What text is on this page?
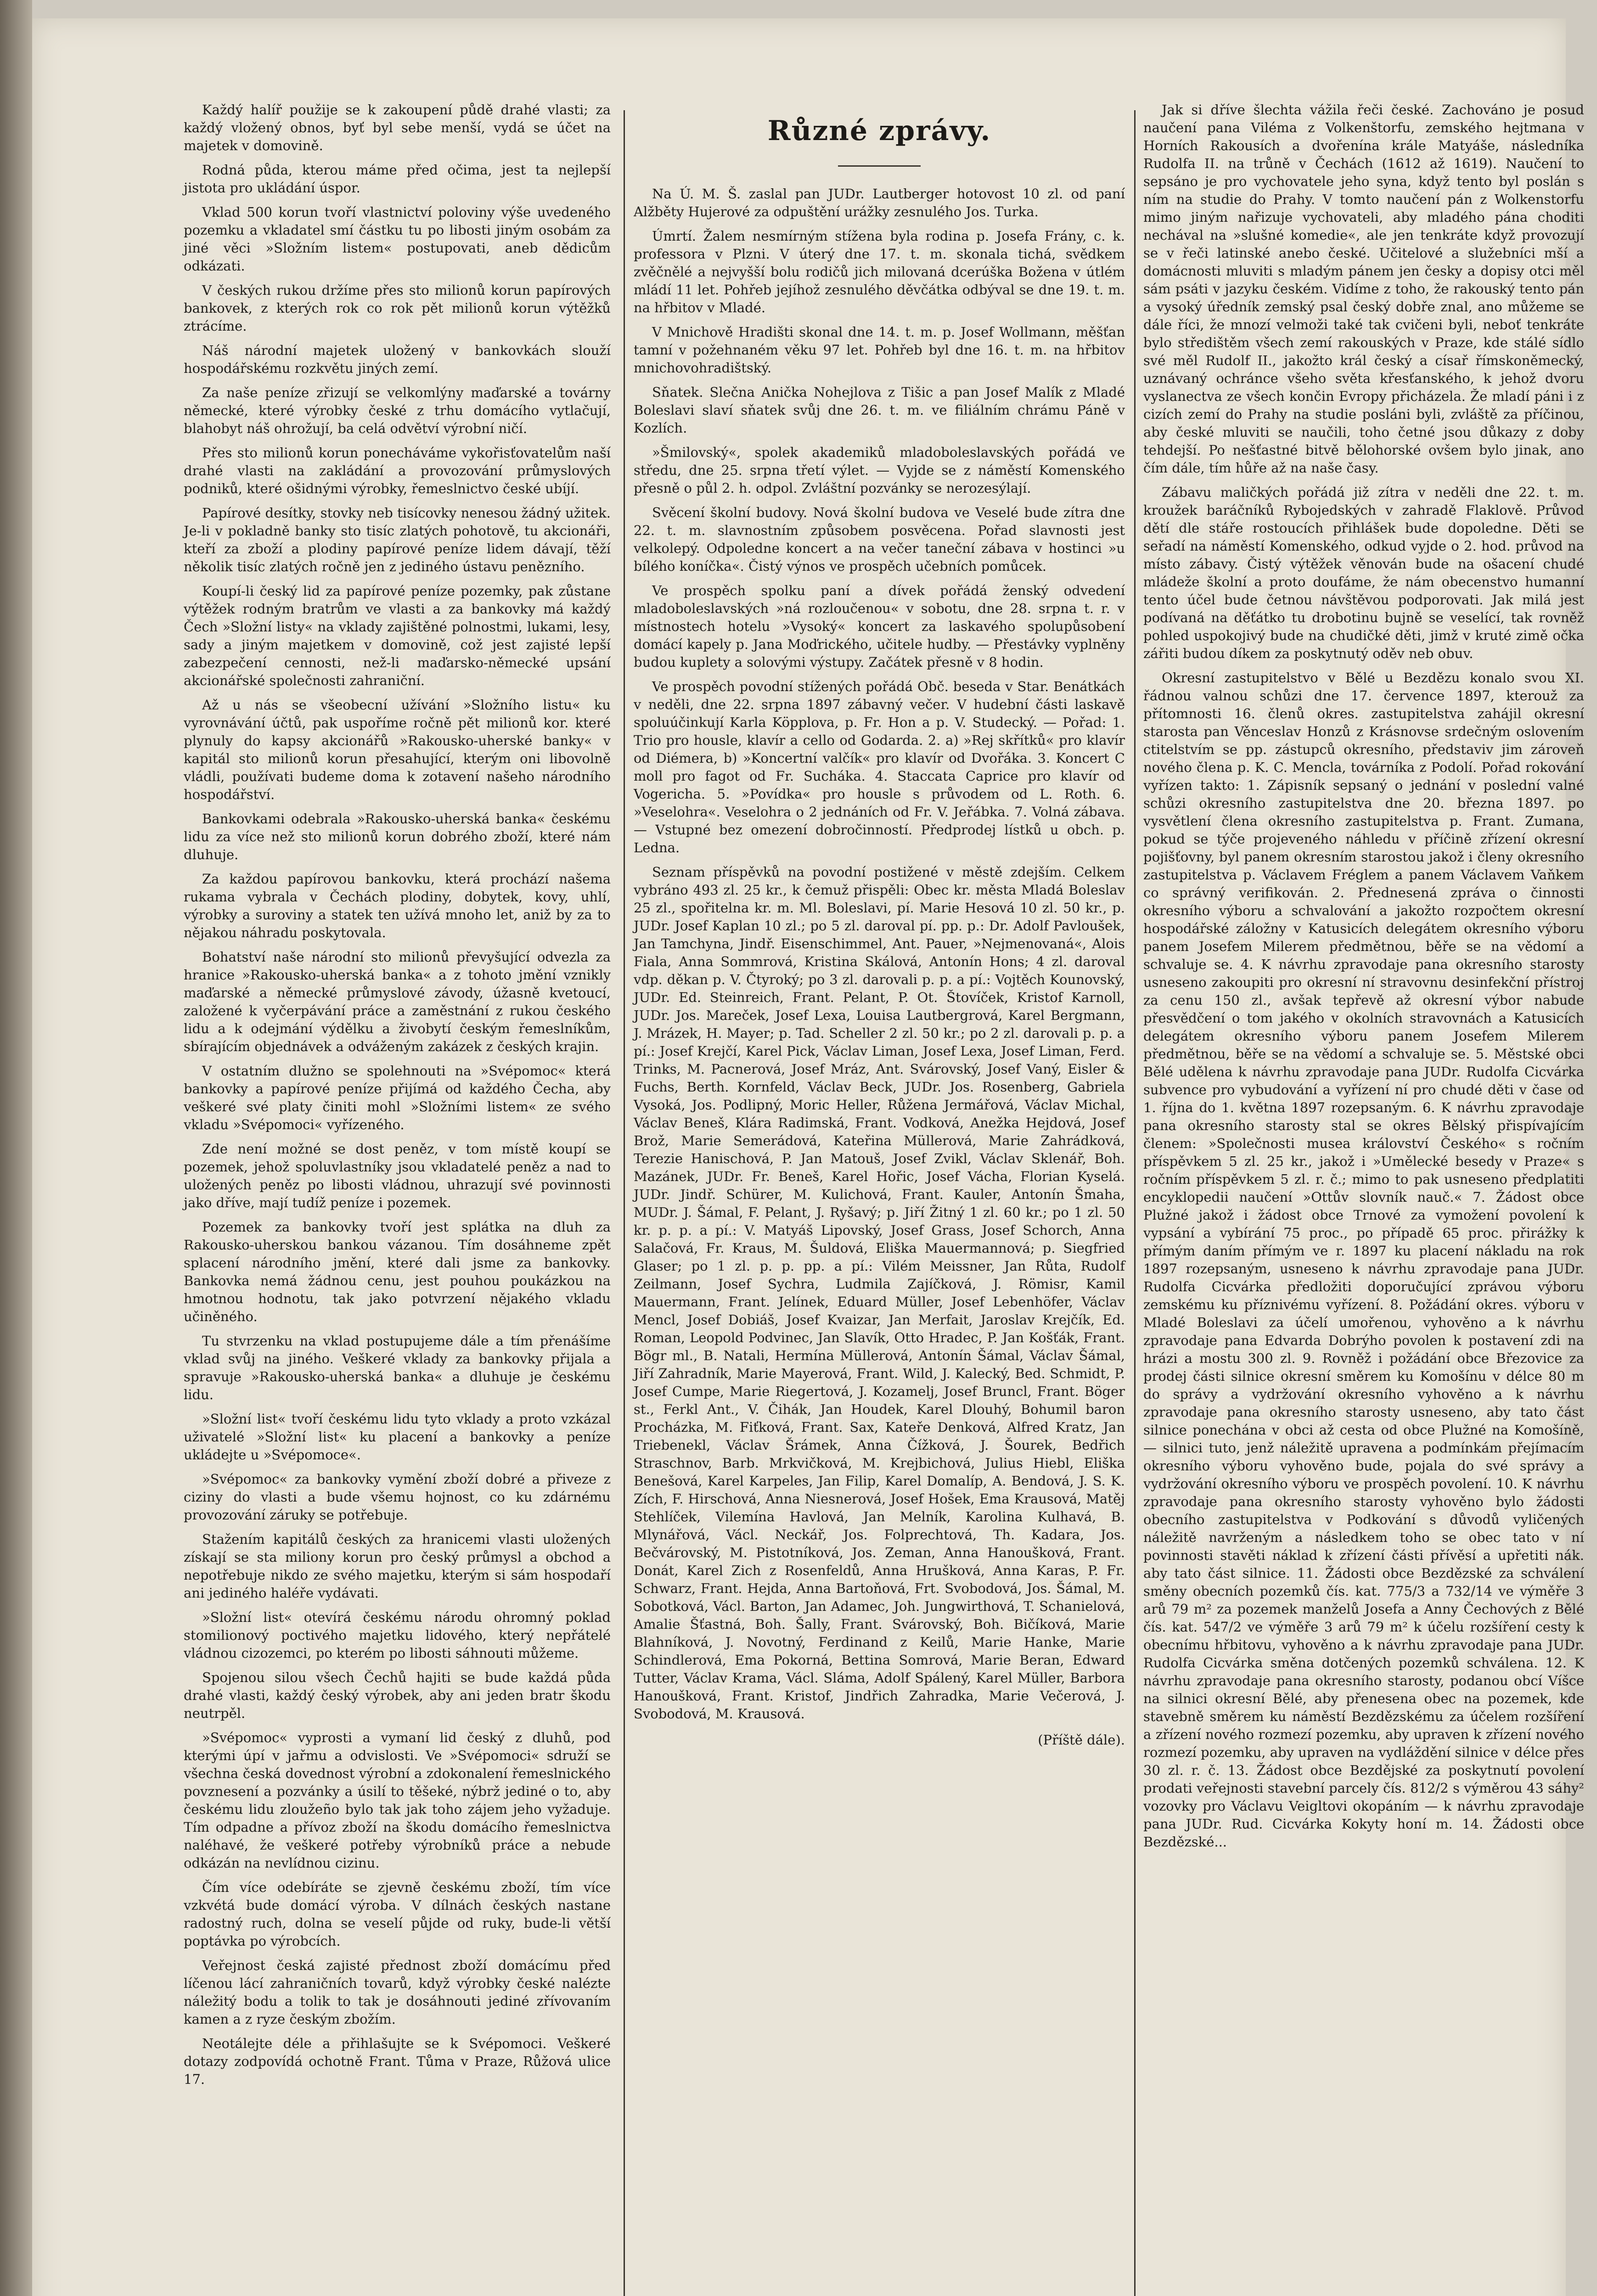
Každý halíř použije se k zakoupení půdě drahé vlasti; za každý vložený obnos, byť byl sebe menší, vydá se účet na majetek v domovině.

Rodná půda, kterou máme před očima, jest ta nejlepší jistota pro ukládání úspor.

Vklad 500 korun tvoří vlastnictví poloviny výše uvedeného pozemku a vkladatel smí částku tu po libosti jiným osobám za jiné věci »Složním listem« postupovati, aneb dědicům odkázati.

V českých rukou držíme přes sto milionů korun papírových bankovek, z kterých rok co rok pět milionů korun výtěžků ztrácíme.

Náš národní majetek uložený v bankovkách slouží hospodářskému rozkvětu jiných zemí.

Za naše peníze zřizují se velkomlýny maďarské a továrny německé, které výrobky české z trhu domácího vytlačují, blahobyt náš ohrožují, ba celá odvětví výrobní ničí.

Přes sto milionů korun ponecháváme vykořisťovatelům naší drahé vlasti na zakládání a provozování průmyslových podniků, které ošidnými výrobky, řemeslnictvo české ubíjí.

Papírové desítky, stovky neb tisícovky nenesou žádný užitek. Je-li v pokladně banky sto tisíc zlatých pohotově, tu akcionáři, kteří za zboží a plodiny papírové peníze lidem dávají, těží několik tisíc zlatých ročně jen z jediného ústavu penězního.

Koupí-li český lid za papírové peníze pozemky, pak zůstane výtěžek rodným bratrům ve vlasti a za bankovky má každý Čech »Složní listy« na vklady zajištěné polnostmi, lukami, lesy, sady a jiným majetkem v domovině, což jest zajisté lepší zabezpečení cennosti, než-li maďarsko-německé upsání akcionářské společnosti zahraniční.

Až u nás se všeobecní užívání »Složního listu« ku vyrovnávání účtů, pak uspoříme ročně pět milionů kor. které plynuly do kapsy akcionářů »Rakousko-uherské banky« v kapitál sto milionů korun přesahující, kterým oni libovolně vládli, používati budeme doma k zotavení našeho národního hospodářství.

Bankovkami odebrala »Rakousko-uherská banka« českému lidu za více než sto milionů korun dobrého zboží, které nám dluhuje.

Za každou papírovou bankovku, která prochází našema rukama vybrala v Čechách plodiny, dobytek, kovy, uhlí, výrobky a suroviny a statek ten užívá mnoho let, aniž by za to nějakou náhradu poskytovala.

Bohatství naše národní sto milionů převyšující odvezla za hranice »Rakousko-uherská banka« a z tohoto jmění vznikly maďarské a německé průmyslové závody, úžasně kvetoucí, založené k vyčerpávání práce a zaměstnání z rukou českého lidu a k odejmání výdělku a živobytí českým řemeslníkům, sbírajícím objednávek a odváženým zakázek z českých krajin.

V ostatním dlužno se spolehnouti na »Svépomoc« která bankovky a papírové peníze přijímá od každého Čecha, aby veškeré své platy činiti mohl »Složními listem« ze svého vkladu »Svépomoci« vyřízeného.

Zde není možné se dost peněz, v tom místě koupí se pozemek, jehož spoluvlastníky jsou vkladatelé peněz a nad to uložených peněz po libosti vládnou, uhrazují své povinnosti jako dříve, mají tudíž peníze i pozemek.

Pozemek za bankovky tvoří jest splátka na dluh za Rakousko-uherskou bankou vázanou. Tím dosáhneme zpět splacení národního jmění, které dali jsme za bankovky. Bankovka nemá žádnou cenu, jest pouhou poukázkou na hmotnou hodnotu, tak jako potvrzení nějakého vkladu učiněného.

Tu stvrzenku na vklad postupujeme dále a tím přenášíme vklad svůj na jiného. Veškeré vklady za bankovky přijala a spravuje »Rakousko-uherská banka« a dluhuje je českému lidu.

»Složní list« tvoří českému lidu tyto vklady a proto vzkázal uživatelé »Složní list« ku placení a bankovky a peníze ukládejte u »Svépomoce«.

»Svépomoc« za bankovky vymění zboží dobré a přiveze z ciziny do vlasti a bude všemu hojnost, co ku zdárnému provozování záruky se potřebuje.

Stažením kapitálů českých za hranicemi vlasti uložených získají se sta miliony korun pro český průmysl a obchod a nepotřebuje nikdo ze svého majetku, kterým si sám hospodaří ani jediného haléře vydávati.

»Složní list« otevírá českému národu ohromný poklad stomilionový poctivého majetku lidového, který nepřátelé vládnou cizozemci, po kterém po libosti sáhnouti můžeme.

Spojenou silou všech Čechů hajiti se bude každá půda drahé vlasti, každý český výrobek, aby ani jeden bratr škodu neutrpěl.

»Svépomoc« vyprosti a vymaní lid český z dluhů, pod kterými úpí v jařmu a odvislosti. Ve »Svépomoci« sdruží se všechna česká dovednost výrobní a zdokonalení řemeslnického povznesení a pozvánky a úsilí to těšeké, nýbrž jediné o to, aby českému lidu zloužeño bylo tak jak toho zájem jeho vyžaduje. Tím odpadne a přívoz zboží na škodu domácího řemeslnictva naléhavé, že veškeré potřeby výrobníků práce a nebude odkázán na nevlídnou cizinu.

Čím více odebíráte se zjevně českému zboží, tím více vzkvétá bude domácí výroba. V dílnách českých nastane radostný ruch, dolna se veselí půjde od ruky, bude-li větší poptávka po výrobcích.

Veřejnost česká zajisté přednost zboží domácímu před líčenou lácí zahraničních tovarů, když výrobky české nalézte náležitý bodu a tolik to tak je dosáhnouti jediné zřívovaním kamen a z ryze českým zbožím.

Neotálejte déle a přihlašujte se k Svépomoci. Veškeré dotazy zodpovídá ochotně Frant. Tůma v Praze, Růžová ulice 17.

Různé zprávy.

Na Ú. M. Š. zaslal pan JUDr. Lautberger hotovost 10 zl. od paní Alžběty Hujerové za odpuštění urážky zesnulého Jos. Turka.

Úmrtí. Žalem nesmírným stížena byla rodina p. Josefa Frány, c. k. professora v Plzni. V úterý dne 17. t. m. skonala tichá, svědkem zvěčnělé a nejvyšší bolu rodičů jich milovaná dcerúška Božena v útlém mládí 11 let. Pohřeb jejíhož zesnulého děvčátka odbýval se dne 19. t. m. na hřbitov v Mladé.

V Mnichově Hradišti skonal dne 14. t. m. p. Josef Wollmann, měšťan tamní v požehnaném věku 97 let. Pohřeb byl dne 16. t. m. na hřbitov mnichovohradištský.

Sňatek. Slečna Anička Nohejlova z Tišic a pan Josef Malík z Mladé Boleslavi slaví sňatek svůj dne 26. t. m. ve filiálním chrámu Páně v Kozlích.

»Šmilovský«, spolek akademiků mladoboleslavských pořádá ve středu, dne 25. srpna třetí výlet. — Vyjde se z náměstí Komenského přesně o půl 2. h. odpol. Zvláštní pozvánky se nerozesýlají.

Svěcení školní budovy. Nová školní budova ve Veselé bude zítra dne 22. t. m. slavnostním způsobem posvěcena. Pořad slavnosti jest velkolepý. Odpoledne koncert a na večer taneční zábava v hostinci »u bílého koníčka«. Čistý výnos ve prospěch učebních pomůcek.

Ve prospěch spolku paní a dívek pořádá ženský odvedení mladoboleslavských »ná rozloučenou« v sobotu, dne 28. srpna t. r. v místnostech hotelu »Vysoký« koncert za laskavého spolupůsobení domácí kapely p. Jana Moďrického, učitele hudby. — Přestávky vyplněny budou kuplety a solovými výstupy. Začátek přesně v 8 hodin.

Ve prospěch povodní stížených pořádá Obč. beseda v Star. Benátkách v neděli, dne 22. srpna 1897 zábavný večer. V hudební části laskavě spoluúčinkují Karla Köpplova, p. Fr. Hon a p. V. Studecký. — Pořad: 1. Trio pro housle, klavír a cello od Godarda. 2. a) »Rej skřítků« pro klavír od Diémera, b) »Koncertní valčík« pro klavír od Dvořáka. 3. Koncert C moll pro fagot od Fr. Sucháka. 4. Staccata Caprice pro klavír od Vogericha. 5. »Povídka« pro housle s průvodem od L. Roth. 6. »Veselohra«. Veselohra o 2 jednáních od Fr. V. Jeřábka. 7. Volná zábava. — Vstupné bez omezení dobročinností. Předprodej lístků u obch. p. Ledna.

Seznam příspěvků na povodní postižené v městě zdejším. Celkem vybráno 493 zl. 25 kr., k čemuž přispěli: Obec kr. města Mladá Boleslav 25 zl., spořitelna kr. m. Ml. Boleslavi, pí. Marie Hesová 10 zl. 50 kr., p. JUDr. Josef Kaplan 10 zl.; po 5 zl. daroval pí. pp. p.: Dr. Adolf Pavloušek, Jan Tamchyna, Jindř. Eisenschimmel, Ant. Pauer, »Nejmenovaná«, Alois Fiala, Anna Sommrová, Kristina Skálová, Antonín Hons; 4 zl. daroval vdp. děkan p. V. Čtyroký; po 3 zl. darovali p. p. a pí.: Vojtěch Kounovský, JUDr. Ed. Steinreich, Frant. Pelant, P. Ot. Štovíček, Kristof Karnoll, JUDr. Jos. Mareček, Josef Lexa, Louisa Lautbergrová, Karel Bergmann, J. Mrázek, H. Mayer; p. Tad. Scheller 2 zl. 50 kr.; po 2 zl. darovali p. p. a pí.: Josef Krejčí, Karel Pick, Václav Liman, Josef Lexa, Josef Liman, Ferd. Trinks, M. Pacnerová, Josef Mráz, Ant. Svárovský, Josef Vaný, Eisler & Fuchs, Berth. Kornfeld, Václav Beck, JUDr. Jos. Rosenberg, Gabriela Vysoká, Jos. Podlipný, Moric Heller, Růžena Jermářová, Václav Michal, Václav Beneš, Klára Radimská, Frant. Vodková, Anežka Hejdová, Josef Brož, Marie Semerádová, Kateřina Müllerová, Marie Zahrádková, Terezie Hanischová, P. Jan Matouš, Josef Zvikl, Václav Sklenář, Boh. Mazánek, JUDr. Fr. Beneš, Karel Hořic, Josef Vácha, Florian Kyselá. JUDr. Jindř. Schürer, M. Kulichová, Frant. Kauler, Antonín Šmaha, MUDr. J. Šámal, F. Pelant, J. Ryšavý; p. Jiří Žitný 1 zl. 60 kr.; po 1 zl. 50 kr. p. p. a pí.: V. Matyáš Lipovský, Josef Grass, Josef Schorch, Anna Salačová, Fr. Kraus, M. Šuldová, Eliška Mauermannová; p. Siegfried Glaser; po 1 zl. p. p. pp. a pí.: Vilém Meissner, Jan Růta, Rudolf Zeilmann, Josef Sychra, Ludmila Zajíčková, J. Römisr, Kamil Mauermann, Frant. Jelínek, Eduard Müller, Josef Lebenhöfer, Václav Mencl, Josef Dobiáš, Josef Kvaizar, Jan Merfait, Jaroslav Krejčík, Ed. Roman, Leopold Podvinec, Jan Slavík, Otto Hradec, P. Jan Košťák, Frant. Bögr ml., B. Natali, Hermína Müllerová, Antonín Šámal, Václav Šámal, Jiří Zahradník, Marie Mayerová, Frant. Wild, J. Kalecký, Bed. Schmidt, P. Josef Cumpe, Marie Riegertová, J. Kozamelj, Josef Bruncl, Frant. Böger st., Ferkl Ant., V. Čihák, Jan Houdek, Karel Dlouhý, Bohumil baron Procházka, M. Fiťková, Frant. Sax, Kateře Denková, Alfred Kratz, Jan Triebenekl, Václav Šrámek, Anna Čížková, J. Šourek, Bedřich Straschnov, Barb. Mrkvičková, M. Krejbichová, Julius Hiebl, Eliška Benešová, Karel Karpeles, Jan Filip, Karel Domalíp, A. Bendová, J. S. K. Zích, F. Hirschová, Anna Niesnerová, Josef Hošek, Ema Krausová, Matěj Stehlíček, Vilemína Havlová, Jan Melník, Karolina Kulhavá, B. Mlynářová, Václ. Neckář, Jos. Folprechtová, Th. Kadara, Jos. Bečvárovský, M. Pistotníková, Jos. Zeman, Anna Hanoušková, Frant. Donát, Karel Zich z Rosenfeldů, Anna Hrušková, Anna Karas, P. Fr. Schwarz, Frant. Hejda, Anna Bartoňová, Frt. Svobodová, Jos. Šámal, M. Sobotková, Václ. Barton, Jan Adamec, Joh. Jungwirthová, T. Schanielová, Amalie Šťastná, Boh. Šally, Frant. Svárovský, Boh. Bičíková, Marie Blahníková, J. Novotný, Ferdinand z Keilů, Marie Hanke, Marie Schindlerová, Ema Pokorná, Bettina Somrová, Marie Beran, Edward Tutter, Václav Krama, Václ. Sláma, Adolf Spálený, Karel Müller, Barbora Hanoušková, Frant. Kristof, Jindřich Zahradka, Marie Večerová, J. Svobodová, M. Krausová.

(Příště dále).

Jak si dříve šlechta vážila řeči české. Zachováno je posud naučení pana Viléma z Volkenštorfu, zemského hejtmana v Horních Rakousích a dvořenína krále Matyáše, následníka Rudolfa II. na trůně v Čechách (1612 až 1619). Naučení to sepsáno je pro vychovatele jeho syna, když tento byl poslán s ním na studie do Prahy. V tomto naučení pán z Wolkenstorfu mimo jiným nařizuje vychovateli, aby mladého pána choditi nechával na »slušné komedie«, ale jen tenkráte když provozují se v řeči latinské anebo české. Učitelové a služebníci mší a domácnosti mluviti s mladým pánem jen česky a dopisy otci měl sám psáti v jazyku českém. Vidíme z toho, že rakouský tento pán a vysoký úředník zemský psal český dobře znal, ano můžeme se dále říci, že mnozí velmoži také tak cvičeni byli, neboť tenkráte bylo středištěm všech zemí rakouských v Praze, kde stálé sídlo své měl Rudolf II., jakožto král český a císař římskoněmecký, uznávaný ochránce všeho světa křesťanského, k jehož dvoru vyslanectva ze všech končin Evropy přicházela. Že mladí páni i z cizích zemí do Prahy na studie posláni byli, zvláště za příčinou, aby české mluviti se naučili, toho četné jsou důkazy z doby tehdejší. Po nešťastné bitvě bělohorské ovšem bylo jinak, ano čím dále, tím hůře až na naše časy.

Zábavu maličkých pořádá již zítra v neděli dne 22. t. m. kroužek baráčníků Rybojedských v zahradě Flaklově. Průvod dětí dle stáře rostoucích přihlášek bude dopoledne. Děti se seřadí na náměstí Komenského, odkud vyjde o 2. hod. průvod na místo zábavy. Čistý výtěžek věnován bude na ošacení chudé mládeže školní a proto doufáme, že nám obecenstvo humanní tento účel bude četnou návštěvou podporovati. Jak milá jest podívaná na děťátko tu drobotinu bujně se veselící, tak rovněž pohled uspokojivý bude na chudičké děti, jimž v kruté zimě očka zářiti budou díkem za poskytnutý oděv neb obuv.

Okresní zastupitelstvo v Bělé u Bezdězu konalo svou XI. řádnou valnou schůzi dne 17. července 1897, kterouž za přítomnosti 16. členů okres. zastupitelstva zahájil okresní starosta pan Věnceslav Honzů z Krásnovse srdečným oslovením ctitelstvím se pp. zástupců okresního, představiv jim zároveň nového člena p. K. C. Mencla, továrníka z Podolí. Pořad rokování vyřízen takto: 1. Zápisník sepsaný o jednání v poslední valné schůzi okresního zastupitelstva dne 20. března 1897. po vysvětlení člena okresního zastupitelstva p. Frant. Zumana, pokud se týče projeveného náhledu v příčině zřízení okresní pojišťovny, byl panem okresním starostou jakož i členy okresního zastupitelstva p. Václavem Fréglem a panem Václavem Vaňkem co správný verifikován. 2. Přednesená zpráva o činnosti okresního výboru a schvalování a jakožto rozpočtem okresní hospodářské záložny v Katusicích delegátem okresního výboru panem Josefem Milerem předmětnou, běře se na vědomí a schvaluje se. 4. K návrhu zpravodaje pana okresního starosty usneseno zakoupiti pro okresní ní stravovnu desinfekční přístroj za cenu 150 zl., avšak tepřevě až okresní výbor nabude přesvědčení o tom jakého v okolních stravovnách a Katusicích delegátem okresního výboru panem Josefem Milerem předmětnou, běře se na vědomí a schvaluje se. 5. Městské obci Bělé udělena k návrhu zpravodaje pana JUDr. Rudolfa Cicvárka subvence pro vybudování a vyřízení ní pro chudé děti v čase od 1. října do 1. května 1897 rozepsaným. 6. K návrhu zpravodaje pana okresního starosty stal se okres Bělský přispívajícím členem: »Společnosti musea království Českého« s ročním příspěvkem 5 zl. 25 kr., jakož i »Umělecké besedy v Praze« s ročním příspěvkem 5 zl. r. č.; mimo to pak usneseno předplatiti encyklopedii naučení »Ottův slovník nauč.« 7. Žádost obce Plužné jakož i žádost obce Trnové za vymožení povolení k vypsání a vybírání 75 proc., po případě 65 proc. přirážky k přímým daním přímým ve r. 1897 ku placení nákladu na rok 1897 rozepsaným, usneseno k návrhu zpravodaje pana JUDr. Rudolfa Cicvárka předložiti doporučující zprávou výboru zemskému ku příznivému vyřízení. 8. Požádání okres. výboru v Mladé Boleslavi za účelí umořenou, vyhověno a k návrhu zpravodaje pana Edvarda Dobrýho povolen k postavení zdi na hrázi a mostu 300 zl. 9. Rovněž i požádání obce Březovice za prodej části silnice okresní směrem ku Komošínu v délce 80 m do správy a vydržování okresního vyhověno a k návrhu zpravodaje pana okresního starosty usneseno, aby tato část silnice ponechána v obci až cesta od obce Plužné na Komošíně, — silnici tuto, jenž náležitě upravena a podmínkám přejímacím okresního výboru vyhověno bude, pojala do své správy a vydržování okresního výboru ve prospěch povolení. 10. K návrhu zpravodaje pana okresního starosty vyhověno bylo žádosti obecního zastupitelstva v Podkování s důvodů vyličených náležitě navrženým a následkem toho se obec tato v ní povinnosti stavěti náklad k zřízení části přívěsí a upřetiti nák. aby tato část silnice. 11. Žádosti obce Bezdězské za schválení směny obecních pozemků čís. kat. 775/3 a 732/14 ve výměře 3 arů 79 m² za pozemek manželů Josefa a Anny Čechových z Bělé čís. kat. 547/2 ve výměře 3 arů 79 m² k účelu rozšíření cesty k obecnímu hřbitovu, vyhověno a k návrhu zpravodaje pana JUDr. Rudolfa Cicvárka směna dotčených pozemků schválena. 12. K návrhu zpravodaje pana okresního starosty, podanou obcí Víšce na silnici okresní Bělé, aby přenesena obec na pozemek, kde stavebně směrem ku náměstí Bezdězskému za účelem rozšíření a zřízení nového rozmezí pozemku, aby upraven k zřízení nového rozmezí pozemku, aby upraven na vydláždění silnice v délce přes 30 zl. r. č. 13. Žádost obce Bezdějské za poskytnutí povolení prodati veřejnosti stavební parcely čís. 812/2 s výměrou 43 sáhy² vozovky pro Václavu Veigltovi okopáním — k návrhu zpravodaje pana JUDr. Rud. Cicvárka Kokyty honí m. 14. Žádosti obce Bezdězské...
